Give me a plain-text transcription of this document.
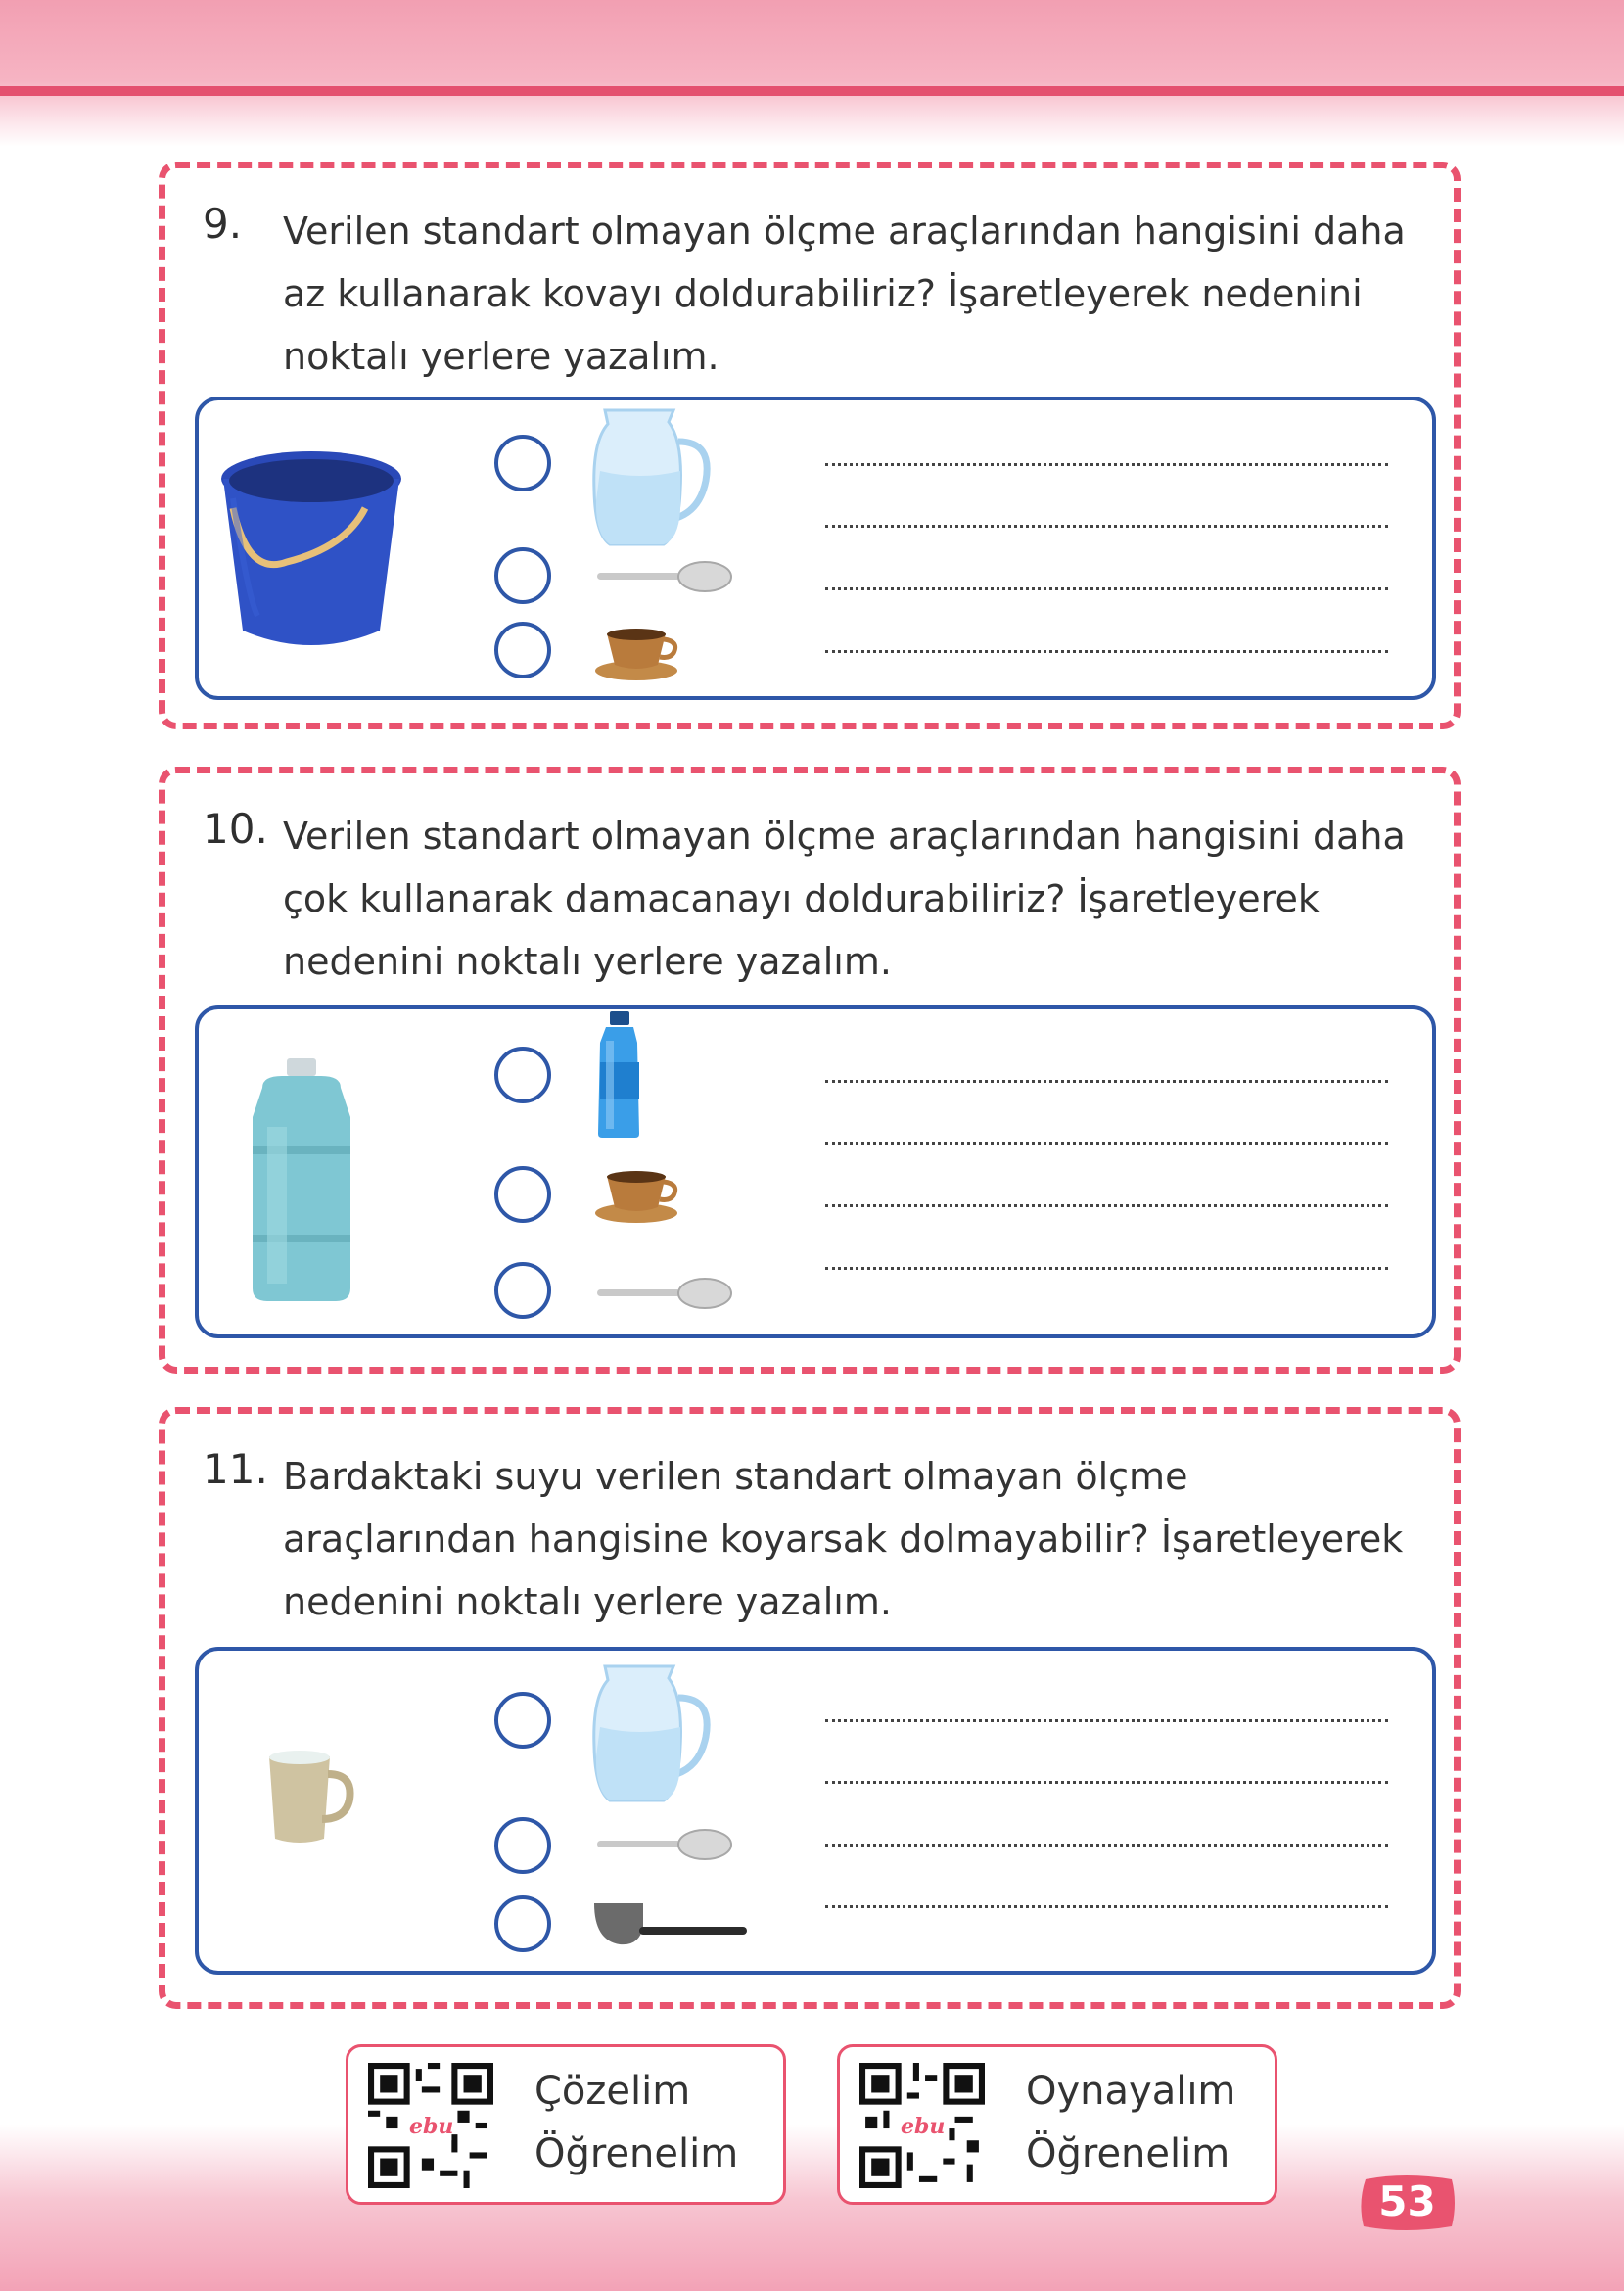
9. Verilen standart olmayan ölçme araçlarından hangisini daha az kullanarak kovayı doldurabiliriz? İşaretleyerek nedenini noktalı yerlere yazalım.
10. Verilen standart olmayan ölçme araçlarından hangisini daha çok kullanarak damacanayı doldurabiliriz? İşaretleyerek nedenini noktalı yerlere yazalım.
11. Bardaktaki suyu verilen standart olmayan ölçme araçlarından hangisine koyarsak dolmayabilir? İşaretleyerek nedenini noktalı yerlere yazalım.
ebu
Çözelim
Öğrenelim
ebu
Oynayalım
Öğrenelim
53
